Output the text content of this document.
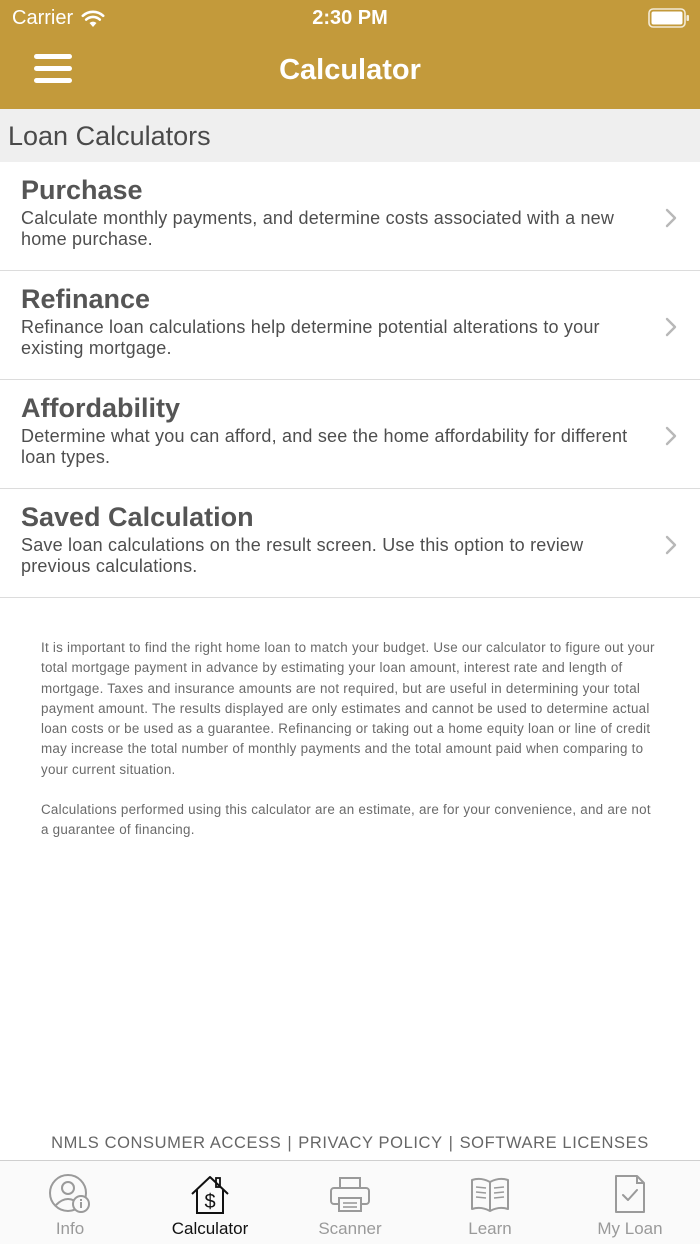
Carrier	2:30 PM
Calculator
Loan Calculators
Purchase
Calculate monthly payments, and determine costs associated with a new home purchase.
Refinance
Refinance loan calculations help determine potential alterations to your existing mortgage.
Affordability
Determine what you can afford, and see the home affordability for different loan types.
Saved Calculation
Save loan calculations on the result screen. Use this option to review previous calculations.

It is important to find the right home loan to match your budget. Use our calculator to figure out your total mortgage payment in advance by estimating your loan amount, interest rate and length of mortgage. Taxes and insurance amounts are not required, but are useful in determining your total payment amount. The results displayed are only estimates and cannot be used to determine actual loan costs or be used as a guarantee. Refinancing or taking out a home equity loan or line of credit may increase the total number of monthly payments and the total amount paid when comparing to your current situation.

Calculations performed using this calculator are an estimate, are for your convenience, and are not a guarantee of financing.

NMLS CONSUMER ACCESS | PRIVACY POLICY | SOFTWARE LICENSES
Info
$
Calculator	Scanner	Learn	My Loan
